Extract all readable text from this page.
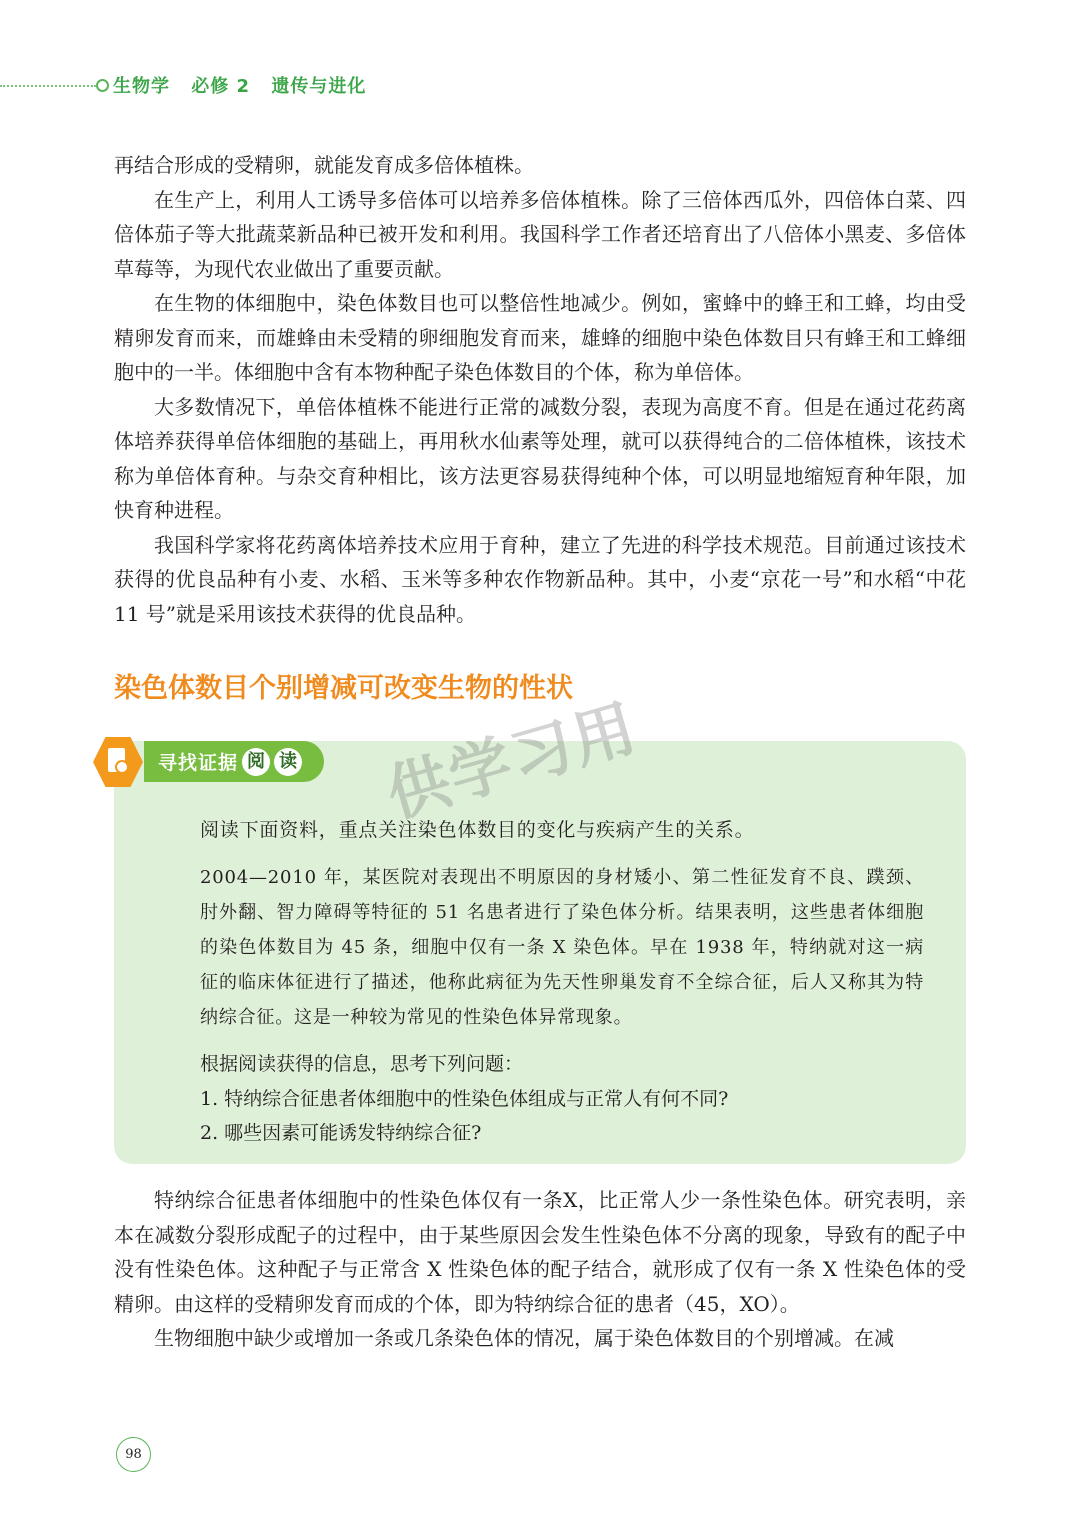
生物学 必修 2 遗传与进化

再结合形成的受精卵，就能发育成多倍体植株。

在生产上，利用人工诱导多倍体可以培养多倍体植株。除了三倍体西瓜外，四倍体白菜、四倍体茄子等大批蔬菜新品种已被开发和利用。我国科学工作者还培育出了八倍体小黑麦、多倍体草莓等，为现代农业做出了重要贡献。

在生物的体细胞中，染色体数目也可以整倍性地减少。例如，蜜蜂中的蜂王和工蜂，均由受精卵发育而来，而雄蜂由未受精的卵细胞发育而来，雄蜂的细胞中染色体数目只有蜂王和工蜂细胞中的一半。体细胞中含有本物种配子染色体数目的个体，称为单倍体。

大多数情况下，单倍体植株不能进行正常的减数分裂，表现为高度不育。但是在通过花药离体培养获得单倍体细胞的基础上，再用秋水仙素等处理，就可以获得纯合的二倍体植株，该技术称为单倍体育种。与杂交育种相比，该方法更容易获得纯种个体，可以明显地缩短育种年限，加快育种进程。

我国科学家将花药离体培养技术应用于育种，建立了先进的科学技术规范。目前通过该技术获得的优良品种有小麦、水稻、玉米等多种农作物新品种。其中，小麦“京花一号”和水稻“中花 11 号”就是采用该技术获得的优良品种。

染色体数目个别增减可改变生物的性状
寻找证据 阅 读

阅读下面资料，重点关注染色体数目的变化与疾病产生的关系。

2004—2010 年，某医院对表现出不明原因的身材矮小、第二性征发育不良、蹼颈、肘外翻、智力障碍等特征的 51 名患者进行了染色体分析。结果表明，这些患者体细胞的染色体数目为 45 条，细胞中仅有一条 X 染色体。早在 1938 年，特纳就对这一病征的临床体征进行了描述，他称此病征为先天性卵巢发育不全综合征，后人又称其为特纳综合征。这是一种较为常见的性染色体异常现象。

根据阅读获得的信息，思考下列问题：

1. 特纳综合征患者体细胞中的性染色体组成与正常人有何不同?

2. 哪些因素可能诱发特纳综合征?

供学习用

特纳综合征患者体细胞中的性染色体仅有一条X，比正常人少一条性染色体。研究表明，亲本在减数分裂形成配子的过程中，由于某些原因会发生性染色体不分离的现象，导致有的配子中没有性染色体。这种配子与正常含 X 性染色体的配子结合，就形成了仅有一条 X 性染色体的受精卵。由这样的受精卵发育而成的个体，即为特纳综合征的患者（45，XO）。

生物细胞中缺少或增加一条或几条染色体的情况，属于染色体数目的个别增减。在减

98
